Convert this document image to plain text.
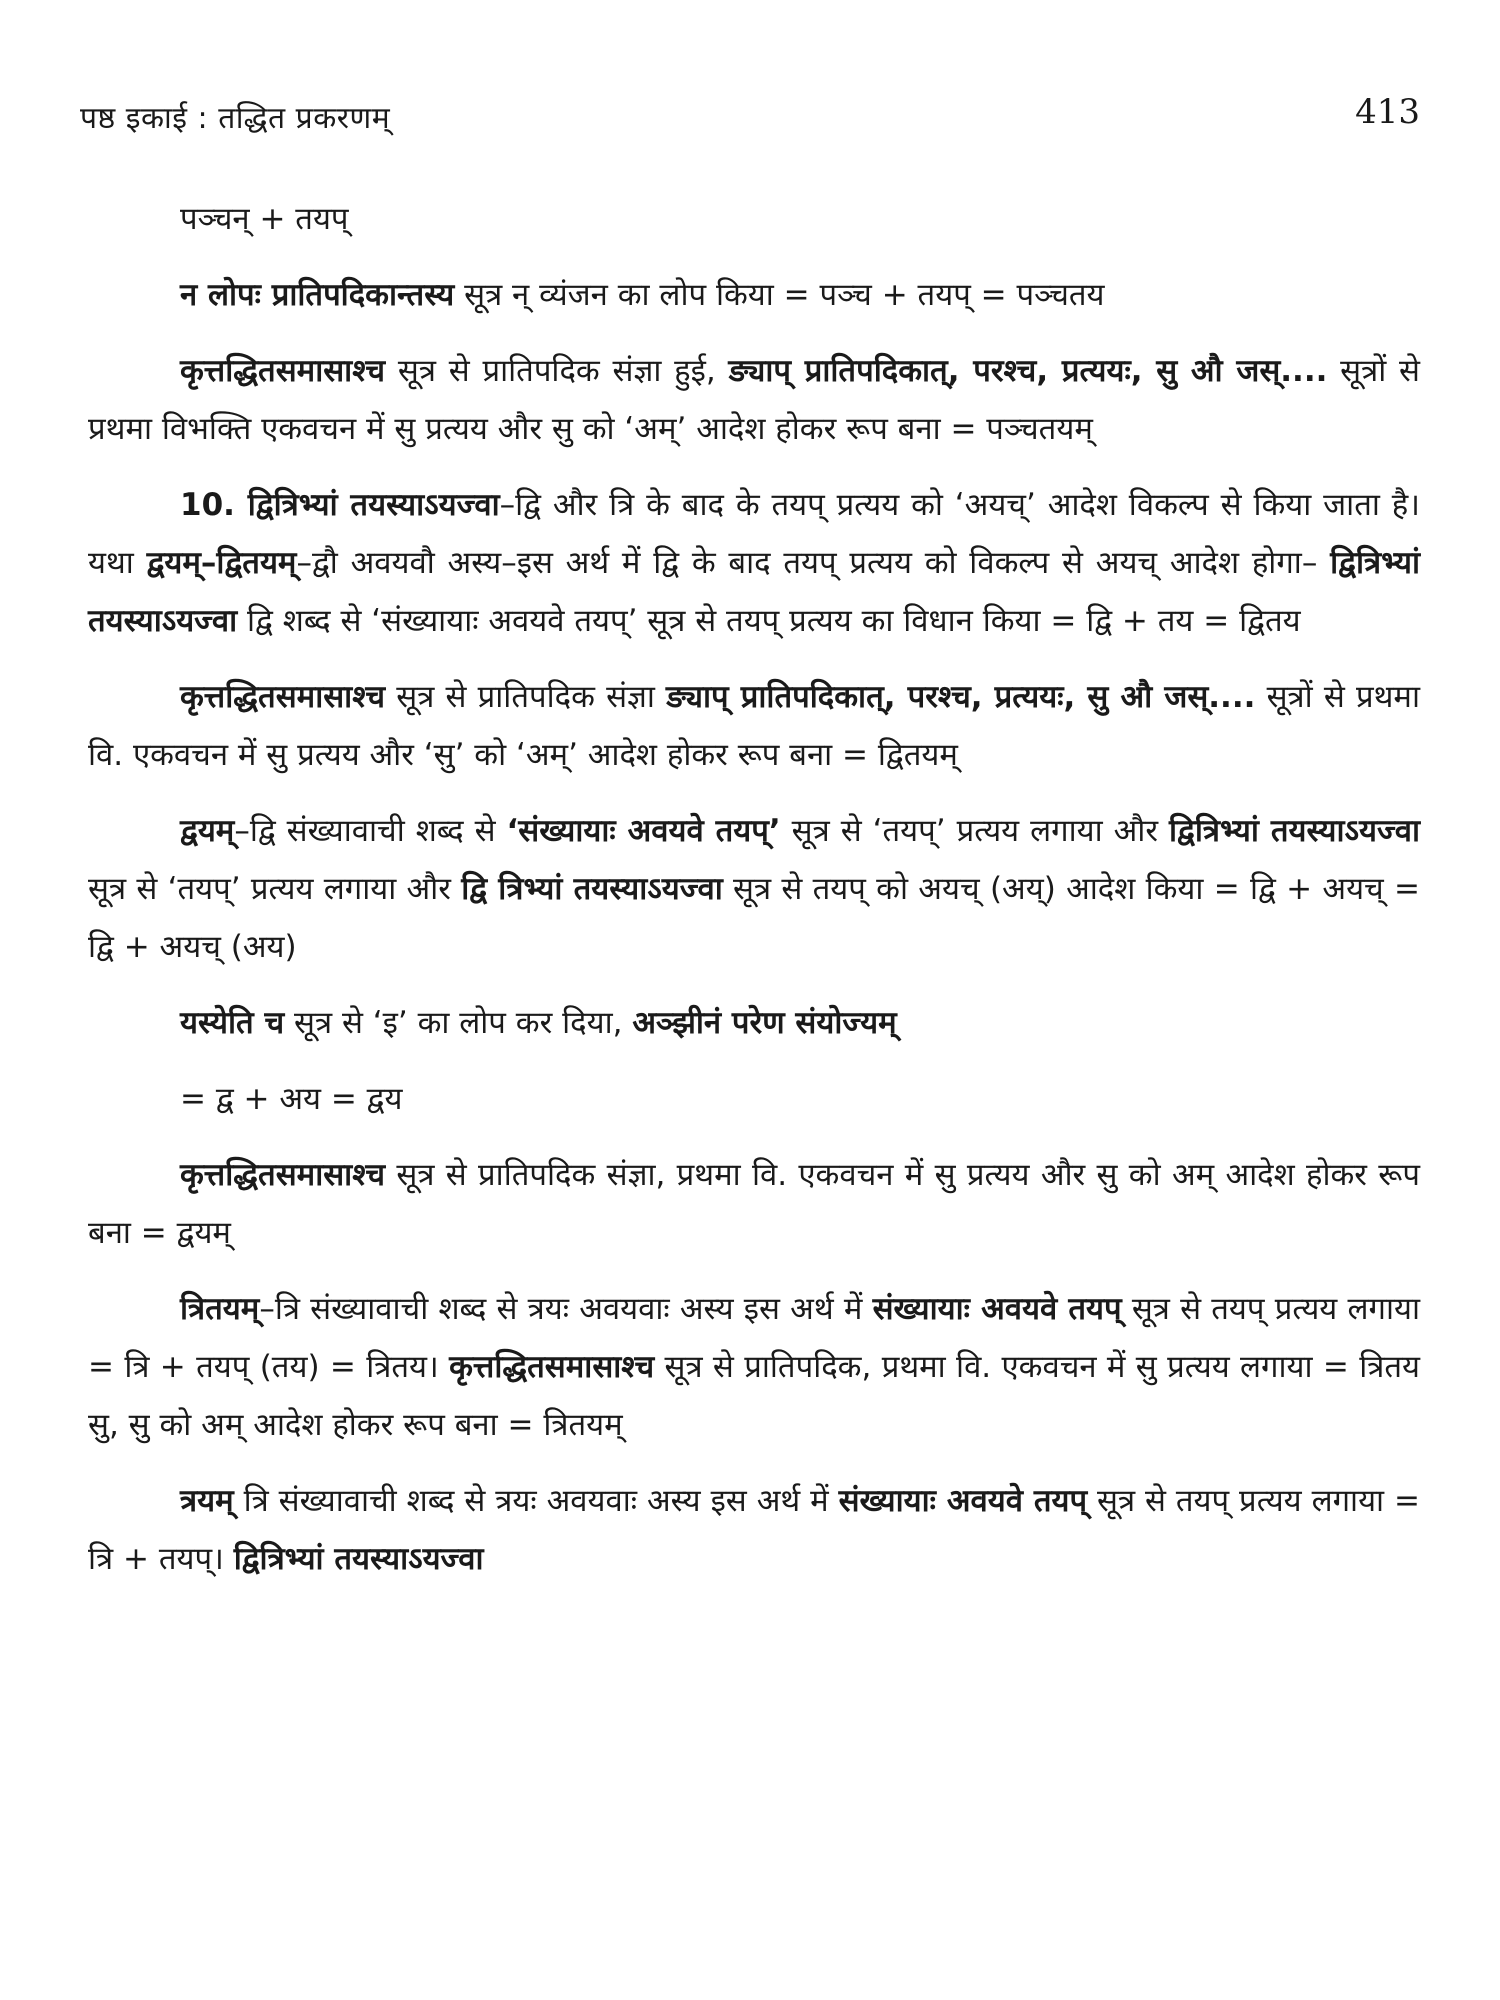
पष्ठ इकाई : तद्धित प्रकरणम्	413

पञ्चन् + तयप्

न लोपः प्रातिपदिकान्तस्य सूत्र न् व्यंजन का लोप किया = पञ्च + तयप् = पञ्चतय

कृत्तद्धितसमासाश्च सूत्र से प्रातिपदिक संज्ञा हुई, ङ्याप् प्रातिपदिकात्, परश्च, प्रत्ययः, सु औ जस्.... सूत्रों से प्रथमा विभक्ति एकवचन में सु प्रत्यय और सु को ‘अम्’ आदेश होकर रूप बना = पञ्चतयम्

10. द्वित्रिभ्यां तयस्याऽयज्वा–द्वि और त्रि के बाद के तयप् प्रत्यय को ‘अयच्’ आदेश विकल्प से किया जाता है। यथा द्वयम्–द्वितयम्–द्वौ अवयवौ अस्य–इस अर्थ में द्वि के बाद तयप् प्रत्यय को विकल्प से अयच् आदेश होगा– द्वित्रिभ्यां तयस्याऽयज्वा द्वि शब्द से ‘संख्यायाः अवयवे तयप्’ सूत्र से तयप् प्रत्यय का विधान किया = द्वि + तय = द्वितय

कृत्तद्धितसमासाश्च सूत्र से प्रातिपदिक संज्ञा ङ्याप् प्रातिपदिकात्, परश्च, प्रत्ययः, सु औ जस्.... सूत्रों से प्रथमा वि. एकवचन में सु प्रत्यय और ‘सु’ को ‘अम्’ आदेश होकर रूप बना = द्वितयम्

द्वयम्–द्वि संख्यावाची शब्द से ‘संख्यायाः अवयवे तयप्’ सूत्र से ‘तयप्’ प्रत्यय लगाया और द्वित्रिभ्यां तयस्याऽयज्वा सूत्र से ‘तयप्’ प्रत्यय लगाया और द्वि त्रिभ्यां तयस्याऽयज्वा सूत्र से तयप् को अयच् (अय्) आदेश किया = द्वि + अयच् = द्वि + अयच् (अय)

यस्येति च सूत्र से ‘इ’ का लोप कर दिया, अञ्झीनं परेण संयोज्यम्

= द्व + अय = द्वय

कृत्तद्धितसमासाश्च सूत्र से प्रातिपदिक संज्ञा, प्रथमा वि. एकवचन में सु प्रत्यय और सु को अम् आदेश होकर रूप बना = द्वयम्

त्रितयम्–त्रि संख्यावाची शब्द से त्रयः अवयवाः अस्य इस अर्थ में संख्यायाः अवयवे तयप् सूत्र से तयप् प्रत्यय लगाया = त्रि + तयप् (तय) = त्रितय। कृत्तद्धितसमासाश्च सूत्र से प्रातिपदिक, प्रथमा वि. एकवचन में सु प्रत्यय लगाया = त्रितय सु, सु को अम् आदेश होकर रूप बना = त्रितयम्

त्रयम् त्रि संख्यावाची शब्द से त्रयः अवयवाः अस्य इस अर्थ में संख्यायाः अवयवे तयप् सूत्र से तयप् प्रत्यय लगाया = त्रि + तयप्। द्वित्रिभ्यां तयस्याऽयज्वा
